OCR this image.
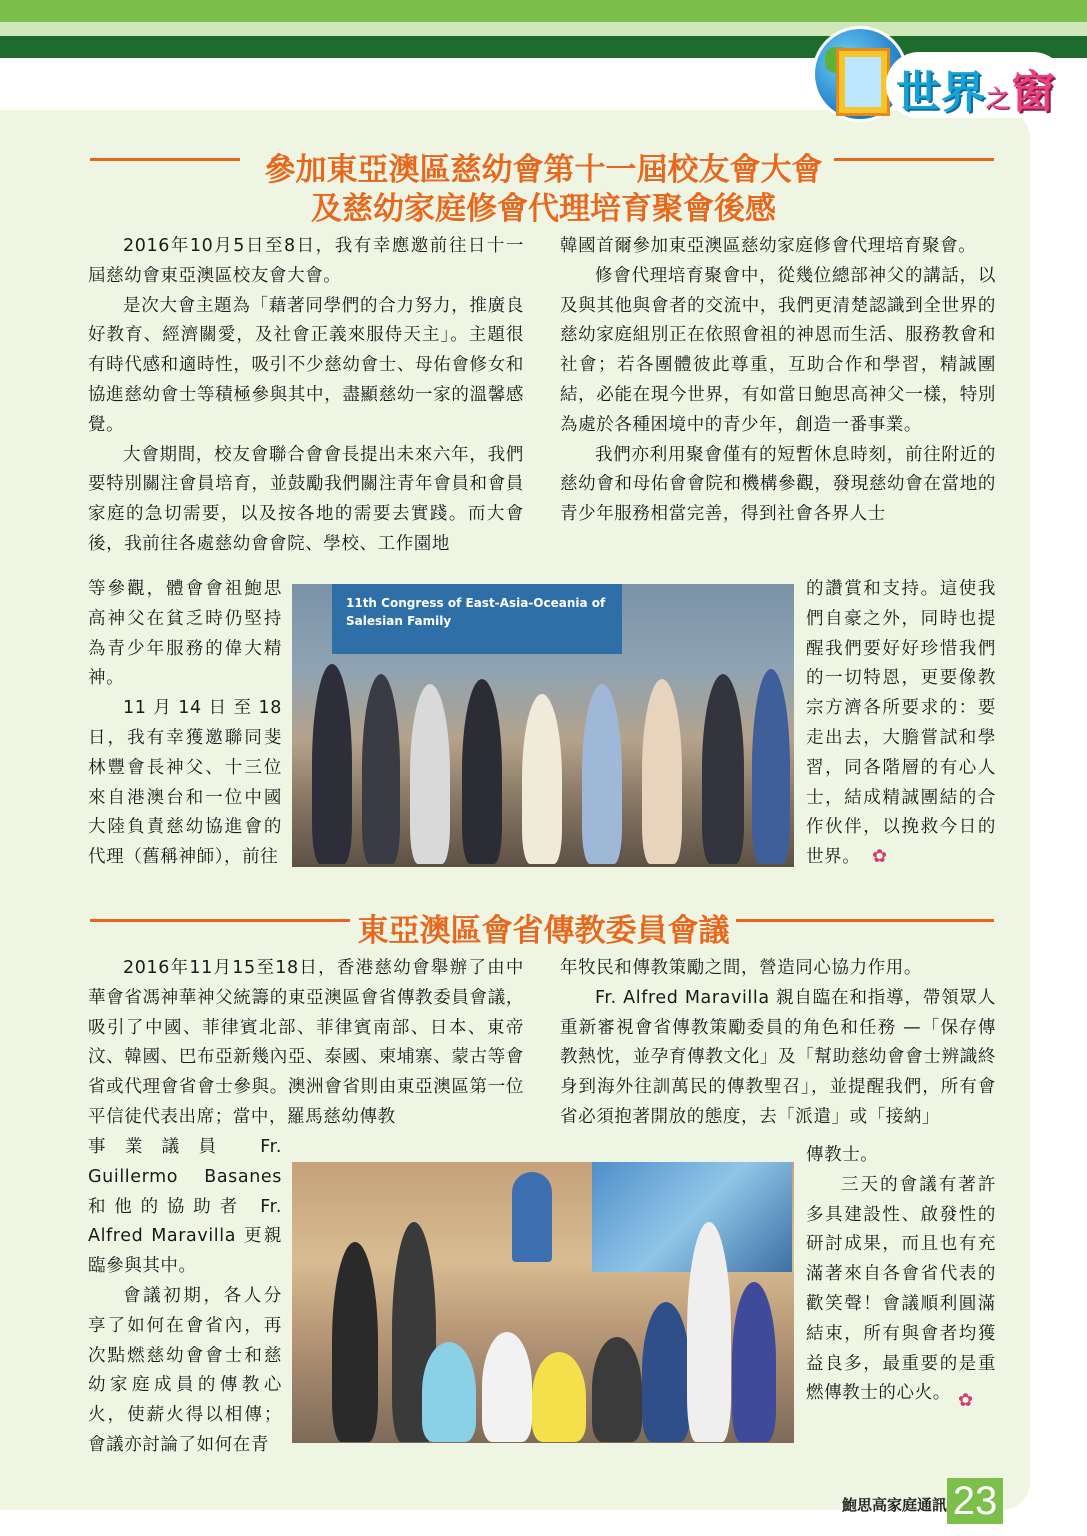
世界之窗
參加東亞澳區慈幼會第十一屆校友會大會
及慈幼家庭修會代理培育聚會後感

2016年10月5日至8日，我有幸應邀前往日十一屆慈幼會東亞澳區校友會大會。

是次大會主題為「藉著同學們的合力努力，推廣良好教育、經濟關愛，及社會正義來服侍天主」。主題很有時代感和適時性，吸引不少慈幼會士、母佑會修女和協進慈幼會士等積極參與其中，盡顯慈幼一家的溫馨感覺。

大會期間，校友會聯合會會長提出未來六年，我們要特別關注會員培育，並鼓勵我們關注青年會員和會員家庭的急切需要，以及按各地的需要去實踐。而大會後，我前往各處慈幼會會院、學校、工作園地

等參觀，體會會祖鮑思高神父在貧乏時仍堅持為青少年服務的偉大精神。

11月14日至18日，我有幸獲邀聯同斐林豐會長神父、十三位來自港澳台和一位中國大陸負責慈幼協進會的代理（舊稱神師），前往

韓國首爾參加東亞澳區慈幼家庭修會代理培育聚會。

修會代理培育聚會中，從幾位總部神父的講話，以及與其他與會者的交流中，我們更清楚認識到全世界的慈幼家庭組別正在依照會祖的神恩而生活、服務教會和社會；若各團體彼此尊重，互助合作和學習，精誠團結，必能在現今世界，有如當日鮑思高神父一樣，特別為處於各種困境中的青少年，創造一番事業。

我們亦利用聚會僅有的短暫休息時刻，前往附近的慈幼會和母佑會會院和機構參觀，發現慈幼會在當地的青少年服務相當完善，得到社會各界人士

的讚賞和支持。這使我們自豪之外，同時也提醒我們要好好珍惜我們的一切特恩，更要像教宗方濟各所要求的：要走出去，大膽嘗試和學習，同各階層的有心人士，結成精誠團結的合作伙伴，以挽救今日的世界。 ✿
11th Congress of East-Asia-Oceania of Salesian Family
東亞澳區會省傳教委員會議

2016年11月15至18日，香港慈幼會舉辦了由中華會省馮神華神父統籌的東亞澳區會省傳教委員會議，吸引了中國、菲律賓北部、菲律賓南部、日本、東帝汶、韓國、巴布亞新幾內亞、泰國、柬埔寨、蒙古等會省或代理會省會士參與。澳洲會省則由東亞澳區第一位平信徒代表出席；當中，羅馬慈幼傳教

事業議員 Fr. Guillermo Basanes 和他的協助者 Fr. Alfred Maravilla 更親臨參與其中。

會議初期，各人分享了如何在會省內，再次點燃慈幼會會士和慈幼家庭成員的傳教心火，使薪火得以相傳；會議亦討論了如何在青

年牧民和傳教策勵之間，營造同心協力作用。

Fr. Alfred Maravilla 親自臨在和指導，帶領眾人重新審視會省傳教策勵委員的角色和任務 —「保存傳教熱忱，並孕育傳教文化」及「幫助慈幼會會士辨識終身到海外往訓萬民的傳教聖召」，並提醒我們，所有會省必須抱著開放的態度，去「派遣」或「接納」

傳教士。

三天的會議有著許多具建設性、啟發性的研討成果，而且也有充滿著來自各會省代表的歡笑聲！會議順利圓滿結束，所有與會者均獲益良多，最重要的是重燃傳教士的心火。 ✿
鮑思高家庭通訊 23
